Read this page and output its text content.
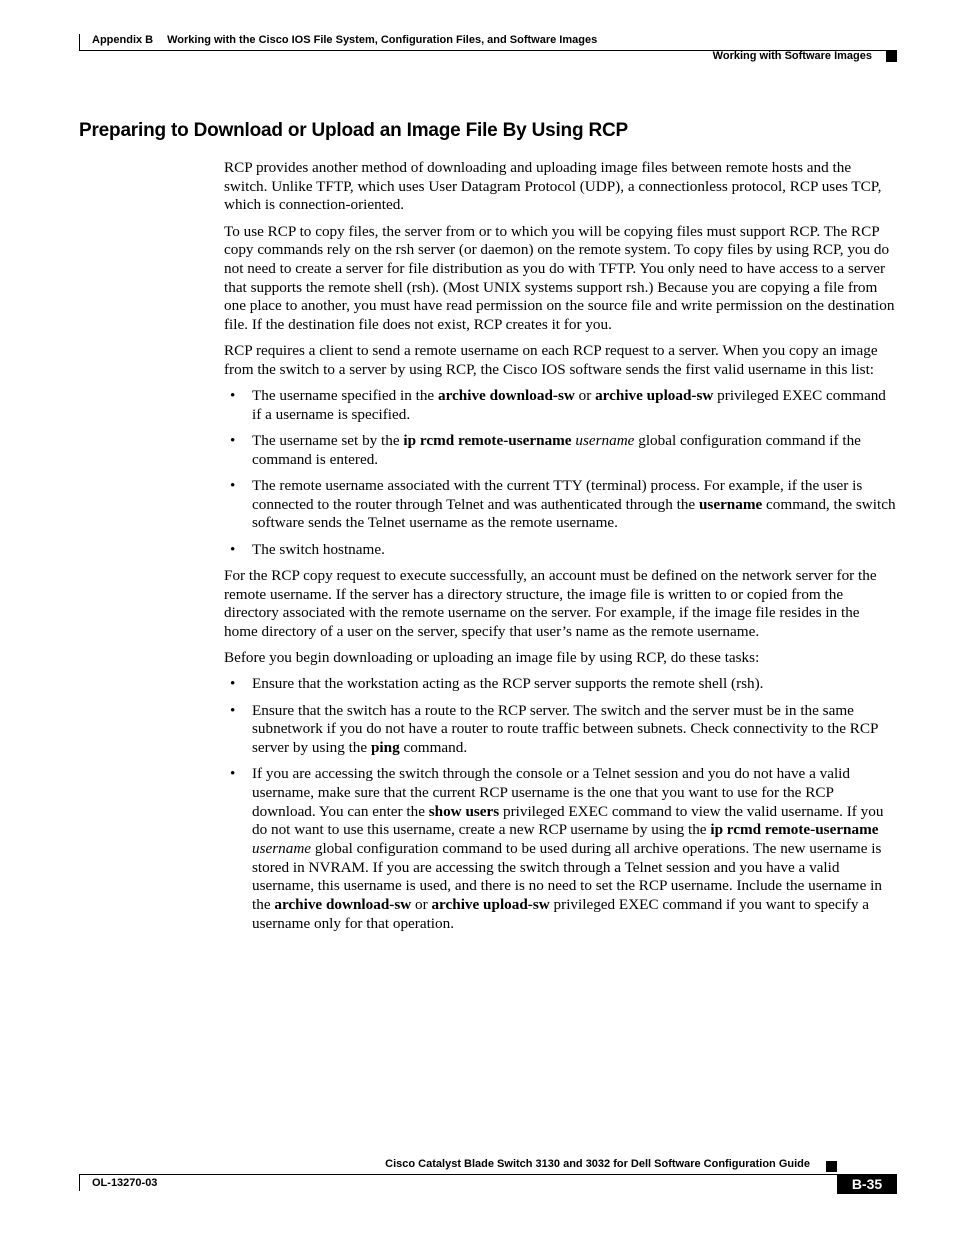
Appendix B Working with the Cisco IOS File System, Configuration Files, and Software Images
Working with Software Images
Preparing to Download or Upload an Image File By Using RCP

RCP provides another method of downloading and uploading image files between remote hosts and the switch. Unlike TFTP, which uses User Datagram Protocol (UDP), a connectionless protocol, RCP uses TCP, which is connection-oriented.

To use RCP to copy files, the server from or to which you will be copying files must support RCP. The RCP copy commands rely on the rsh server (or daemon) on the remote system. To copy files by using RCP, you do not need to create a server for file distribution as you do with TFTP. You only need to have access to a server that supports the remote shell (rsh). (Most UNIX systems support rsh.) Because you are copying a file from one place to another, you must have read permission on the source file and write permission on the destination file. If the destination file does not exist, RCP creates it for you.

RCP requires a client to send a remote username on each RCP request to a server. When you copy an image from the switch to a server by using RCP, the Cisco IOS software sends the first valid username in this list:

• The username specified in the archive download-sw or archive upload-sw privileged EXEC command if a username is specified.
• The username set by the ip rcmd remote-username username global configuration command if the command is entered.
• The remote username associated with the current TTY (terminal) process. For example, if the user is connected to the router through Telnet and was authenticated through the username command, the switch software sends the Telnet username as the remote username.
• The switch hostname.

For the RCP copy request to execute successfully, an account must be defined on the network server for the remote username. If the server has a directory structure, the image file is written to or copied from the directory associated with the remote username on the server. For example, if the image file resides in the home directory of a user on the server, specify that user’s name as the remote username.

Before you begin downloading or uploading an image file by using RCP, do these tasks:

• Ensure that the workstation acting as the RCP server supports the remote shell (rsh).
• Ensure that the switch has a route to the RCP server. The switch and the server must be in the same subnetwork if you do not have a router to route traffic between subnets. Check connectivity to the RCP server by using the ping command.
• If you are accessing the switch through the console or a Telnet session and you do not have a valid username, make sure that the current RCP username is the one that you want to use for the RCP download. You can enter the show users privileged EXEC command to view the valid username. If you do not want to use this username, create a new RCP username by using the ip rcmd remote-username username global configuration command to be used during all archive operations. The new username is stored in NVRAM. If you are accessing the switch through a Telnet session and you have a valid username, this username is used, and there is no need to set the RCP username. Include the username in the archive download-sw or archive upload-sw privileged EXEC command if you want to specify a username only for that operation.
Cisco Catalyst Blade Switch 3130 and 3032 for Dell Software Configuration Guide
OL-13270-03	B-35
